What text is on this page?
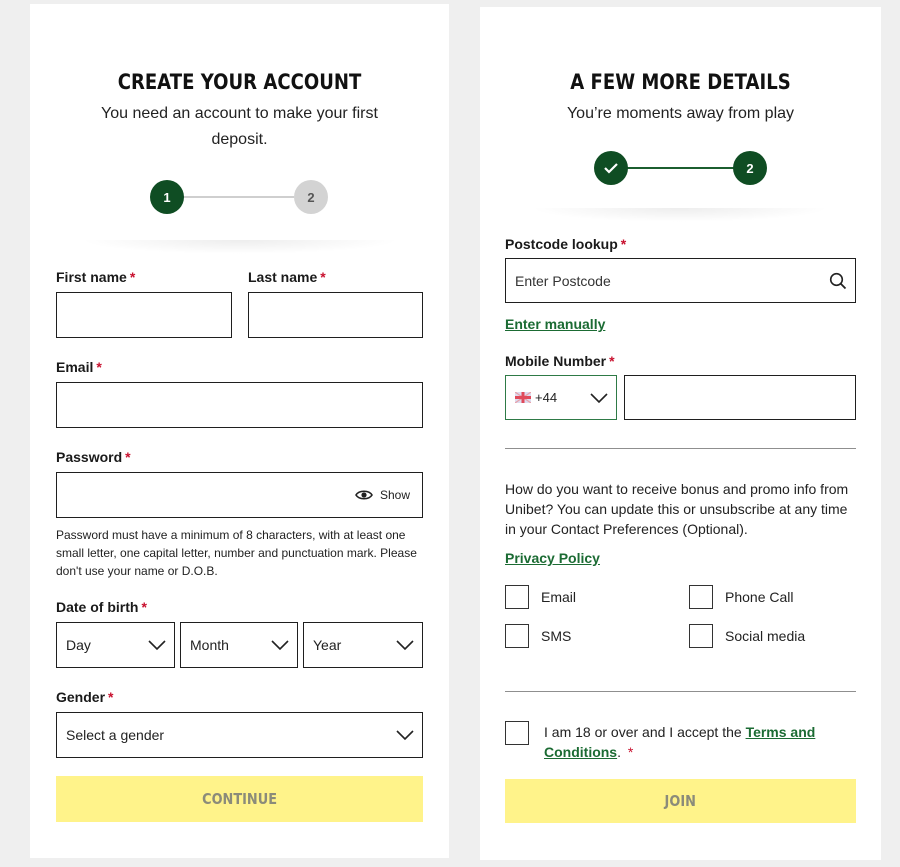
CREATE YOUR ACCOUNT
You need an account to make your first deposit.
1	2
First name *	Last name *
Email *
Password *
Show
Password must have a minimum of 8 characters, with at least one small letter, one capital letter, number and punctuation mark. Please don't use your name or D.O.B.
Date of birth *
Day	Month	Year
Gender *
Select a gender
CONTINUE
A FEW MORE DETAILS
You’re moments away from play
2
Postcode lookup *
Enter Postcode
Enter manually
Mobile Number *
+44
How do you want to receive bonus and promo info from Unibet? You can update this or unsubscribe at any time in your Contact Preferences (Optional).
Privacy Policy
Email	Phone Call
SMS	Social media
I am 18 or over and I accept the Terms and Conditions. *
JOIN
